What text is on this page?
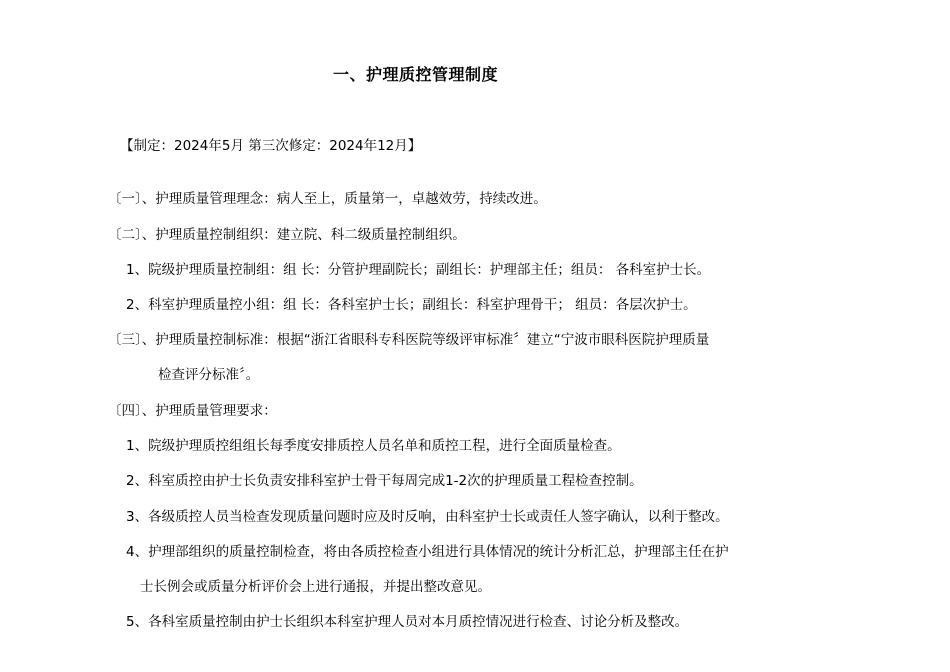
一、护理质控管理制度
【制定：2024年5月 第三次修定：2024年12月】
〔一〕、护理质量管理理念：病人至上，质量第一，卓越效劳，持续改进。
〔二〕、护理质量控制组织：建立院、科二级质量控制组织。
1、院级护理质量控制组：组 长：分管护理副院长；副组长：护理部主任；组员： 各科室护士长。
2、科室护理质量控小组：组 长：各科室护士长；副组长：科室护理骨干； 组员：各层次护士。
〔三〕、护理质量控制标准：根据“浙江省眼科专科医院等级评审标准〞建立“宁波市眼科医院护理质量
检查评分标准〞。
〔四〕、护理质量管理要求：
1、院级护理质控组组长每季度安排质控人员名单和质控工程，进行全面质量检查。
2、科室质控由护士长负责安排科室护士骨干每周完成1-2次的护理质量工程检查控制。
3、各级质控人员当检查发现质量问题时应及时反响，由科室护士长或责任人签字确认，以利于整改。
4、护理部组织的质量控制检查，将由各质控检查小组进行具体情况的统计分析汇总，护理部主任在护
士长例会或质量分析评价会上进行通报，并提出整改意见。
5、各科室质量控制由护士长组织本科室护理人员对本月质控情况进行检查、讨论分析及整改。
